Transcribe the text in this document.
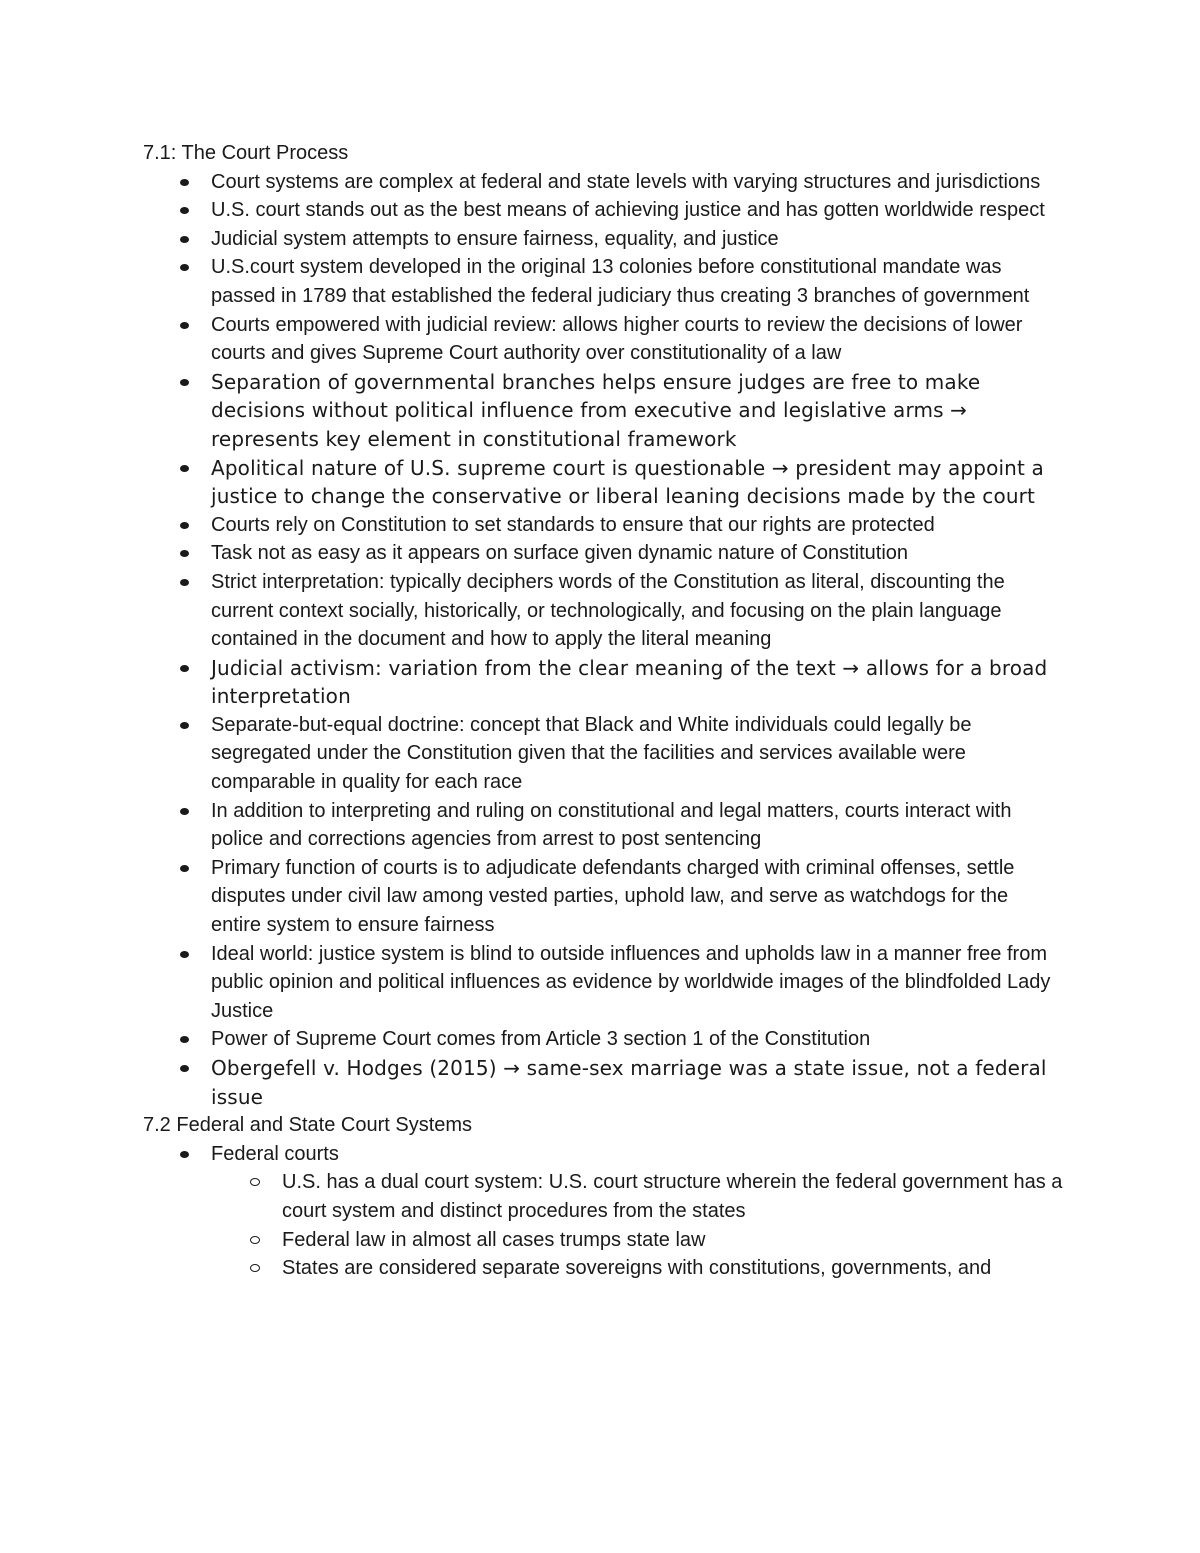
7.1: The Court Process

Court systems are complex at federal and state levels with varying structures and jurisdictions
U.S. court stands out as the best means of achieving justice and has gotten worldwide respect
Judicial system attempts to ensure fairness, equality, and justice
U.S.court system developed in the original 13 colonies before constitutional mandate was passed in 1789 that established the federal judiciary thus creating 3 branches of government
Courts empowered with judicial review: allows higher courts to review the decisions of lower courts and gives Supreme Court authority over constitutionality of a law
Separation of governmental branches helps ensure judges are free to make decisions without political influence from executive and legislative arms → represents key element in constitutional framework
Apolitical nature of U.S. supreme court is questionable → president may appoint a justice to change the conservative or liberal leaning decisions made by the court
Courts rely on Constitution to set standards to ensure that our rights are protected
Task not as easy as it appears on surface given dynamic nature of Constitution
Strict interpretation: typically deciphers words of the Constitution as literal, discounting the current context socially, historically, or technologically, and focusing on the plain language contained in the document and how to apply the literal meaning
Judicial activism: variation from the clear meaning of the text → allows for a broad interpretation
Separate-but-equal doctrine: concept that Black and White individuals could legally be segregated under the Constitution given that the facilities and services available were comparable in quality for each race
In addition to interpreting and ruling on constitutional and legal matters, courts interact with police and corrections agencies from arrest to post sentencing
Primary function of courts is to adjudicate defendants charged with criminal offenses, settle disputes under civil law among vested parties, uphold law, and serve as watchdogs for the entire system to ensure fairness
Ideal world: justice system is blind to outside influences and upholds law in a manner free from public opinion and political influences as evidence by worldwide images of the blindfolded Lady Justice
Power of Supreme Court comes from Article 3 section 1 of the Constitution
Obergefell v. Hodges (2015) → same-sex marriage was a state issue, not a federal issue

7.2 Federal and State Court Systems

Federal courts
U.S. has a dual court system: U.S. court structure wherein the federal government has a court system and distinct procedures from the states
Federal law in almost all cases trumps state law
States are considered separate sovereigns with constitutions, governments, and
